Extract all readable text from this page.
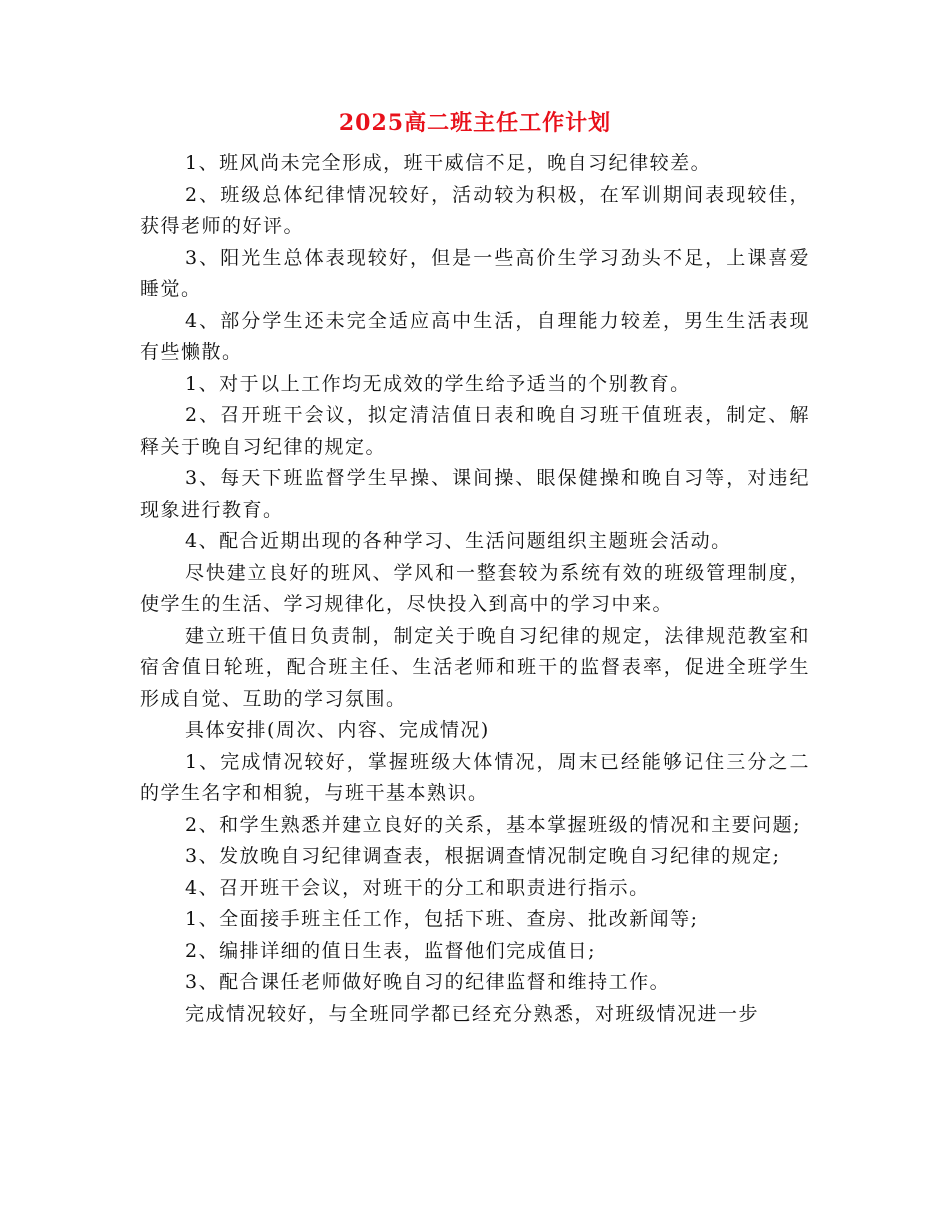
2025高二班主任工作计划

1、班风尚未完全形成，班干威信不足，晚自习纪律较差。

2、班级总体纪律情况较好，活动较为积极，在军训期间表现较佳，获得老师的好评。

3、阳光生总体表现较好，但是一些高价生学习劲头不足，上课喜爱睡觉。

4、部分学生还未完全适应高中生活，自理能力较差，男生生活表现有些懒散。

1、对于以上工作均无成效的学生给予适当的个别教育。

2、召开班干会议，拟定清洁值日表和晚自习班干值班表，制定、解释关于晚自习纪律的规定。

3、每天下班监督学生早操、课间操、眼保健操和晚自习等，对违纪现象进行教育。

4、配合近期出现的各种学习、生活问题组织主题班会活动。

尽快建立良好的班风、学风和一整套较为系统有效的班级管理制度，使学生的生活、学习规律化，尽快投入到高中的学习中来。

建立班干值日负责制，制定关于晚自习纪律的规定，法律规范教室和宿舍值日轮班，配合班主任、生活老师和班干的监督表率，促进全班学生形成自觉、互助的学习氛围。

具体安排(周次、内容、完成情况)

1、完成情况较好，掌握班级大体情况，周末已经能够记住三分之二的学生名字和相貌，与班干基本熟识。

2、和学生熟悉并建立良好的关系，基本掌握班级的情况和主要问题;

3、发放晚自习纪律调查表，根据调查情况制定晚自习纪律的规定;

4、召开班干会议，对班干的分工和职责进行指示。

1、全面接手班主任工作，包括下班、查房、批改新闻等;

2、编排详细的值日生表，监督他们完成值日;

3、配合课任老师做好晚自习的纪律监督和维持工作。

完成情况较好，与全班同学都已经充分熟悉，对班级情况进一步
